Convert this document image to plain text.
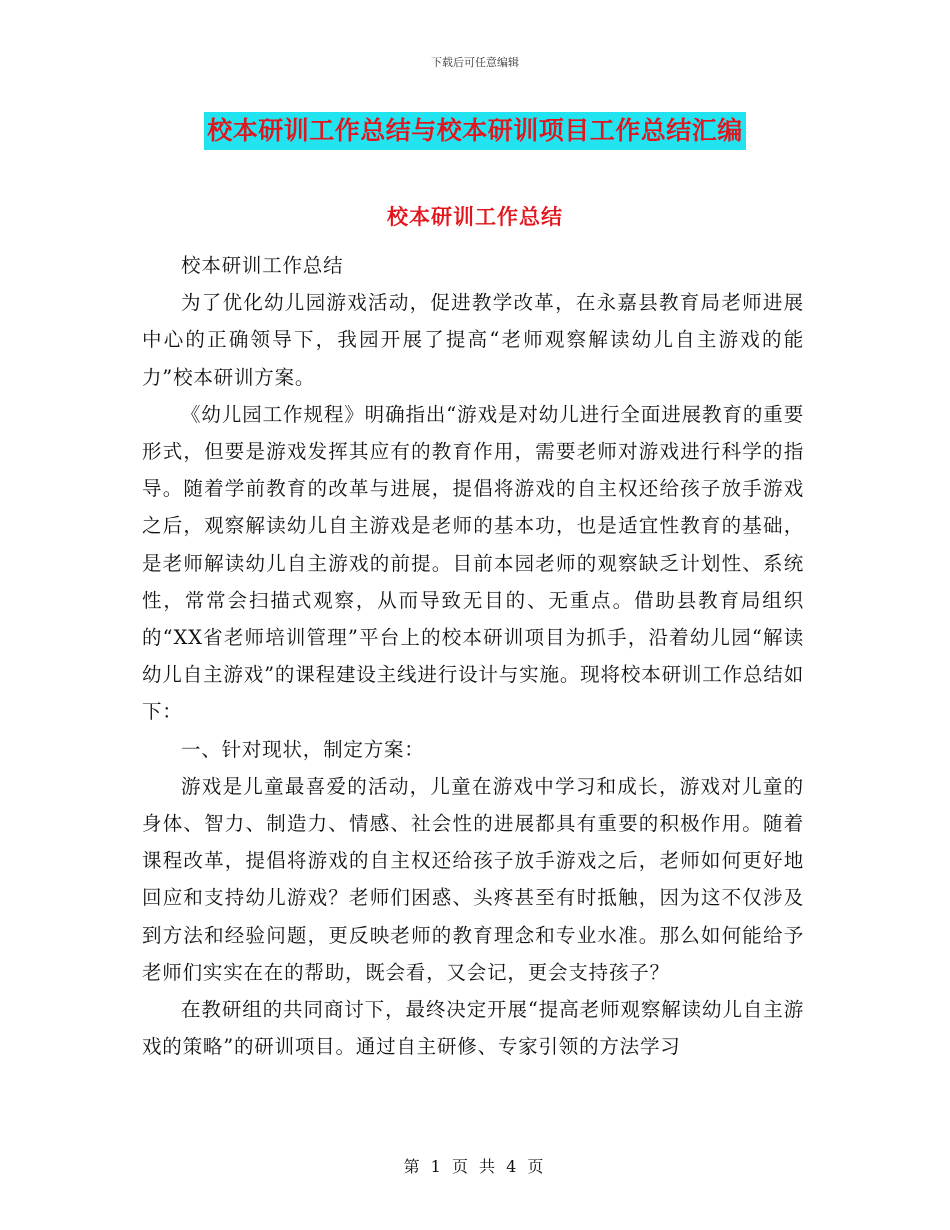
下载后可任意编辑
校本研训工作总结与校本研训项目工作总结汇编
校本研训工作总结

校本研训工作总结

为了优化幼儿园游戏活动，促进教学改革，在永嘉县教育局老师进展中心的正确领导下，我园开展了提高“老师观察解读幼儿自主游戏的能力”校本研训方案。

《幼儿园工作规程》明确指出“游戏是对幼儿进行全面进展教育的重要形式，但要是游戏发挥其应有的教育作用，需要老师对游戏进行科学的指导。随着学前教育的改革与进展，提倡将游戏的自主权还给孩子放手游戏之后，观察解读幼儿自主游戏是老师的基本功，也是适宜性教育的基础，是老师解读幼儿自主游戏的前提。目前本园老师的观察缺乏计划性、系统性，常常会扫描式观察，从而导致无目的、无重点。借助县教育局组织的“XX省老师培训管理”平台上的校本研训项目为抓手，沿着幼儿园“解读幼儿自主游戏”的课程建设主线进行设计与实施。现将校本研训工作总结如下：

一、针对现状，制定方案：

游戏是儿童最喜爱的活动，儿童在游戏中学习和成长，游戏对儿童的身体、智力、制造力、情感、社会性的进展都具有重要的积极作用。随着课程改革，提倡将游戏的自主权还给孩子放手游戏之后，老师如何更好地回应和支持幼儿游戏？老师们困惑、头疼甚至有时抵触，因为这不仅涉及到方法和经验问题，更反映老师的教育理念和专业水准。那么如何能给予老师们实实在在的帮助，既会看，又会记，更会支持孩子？

在教研组的共同商讨下，最终决定开展“提高老师观察解读幼儿自主游戏的策略”的研训项目。通过自主研修、专家引领的方法学习

第 1 页 共 4 页
